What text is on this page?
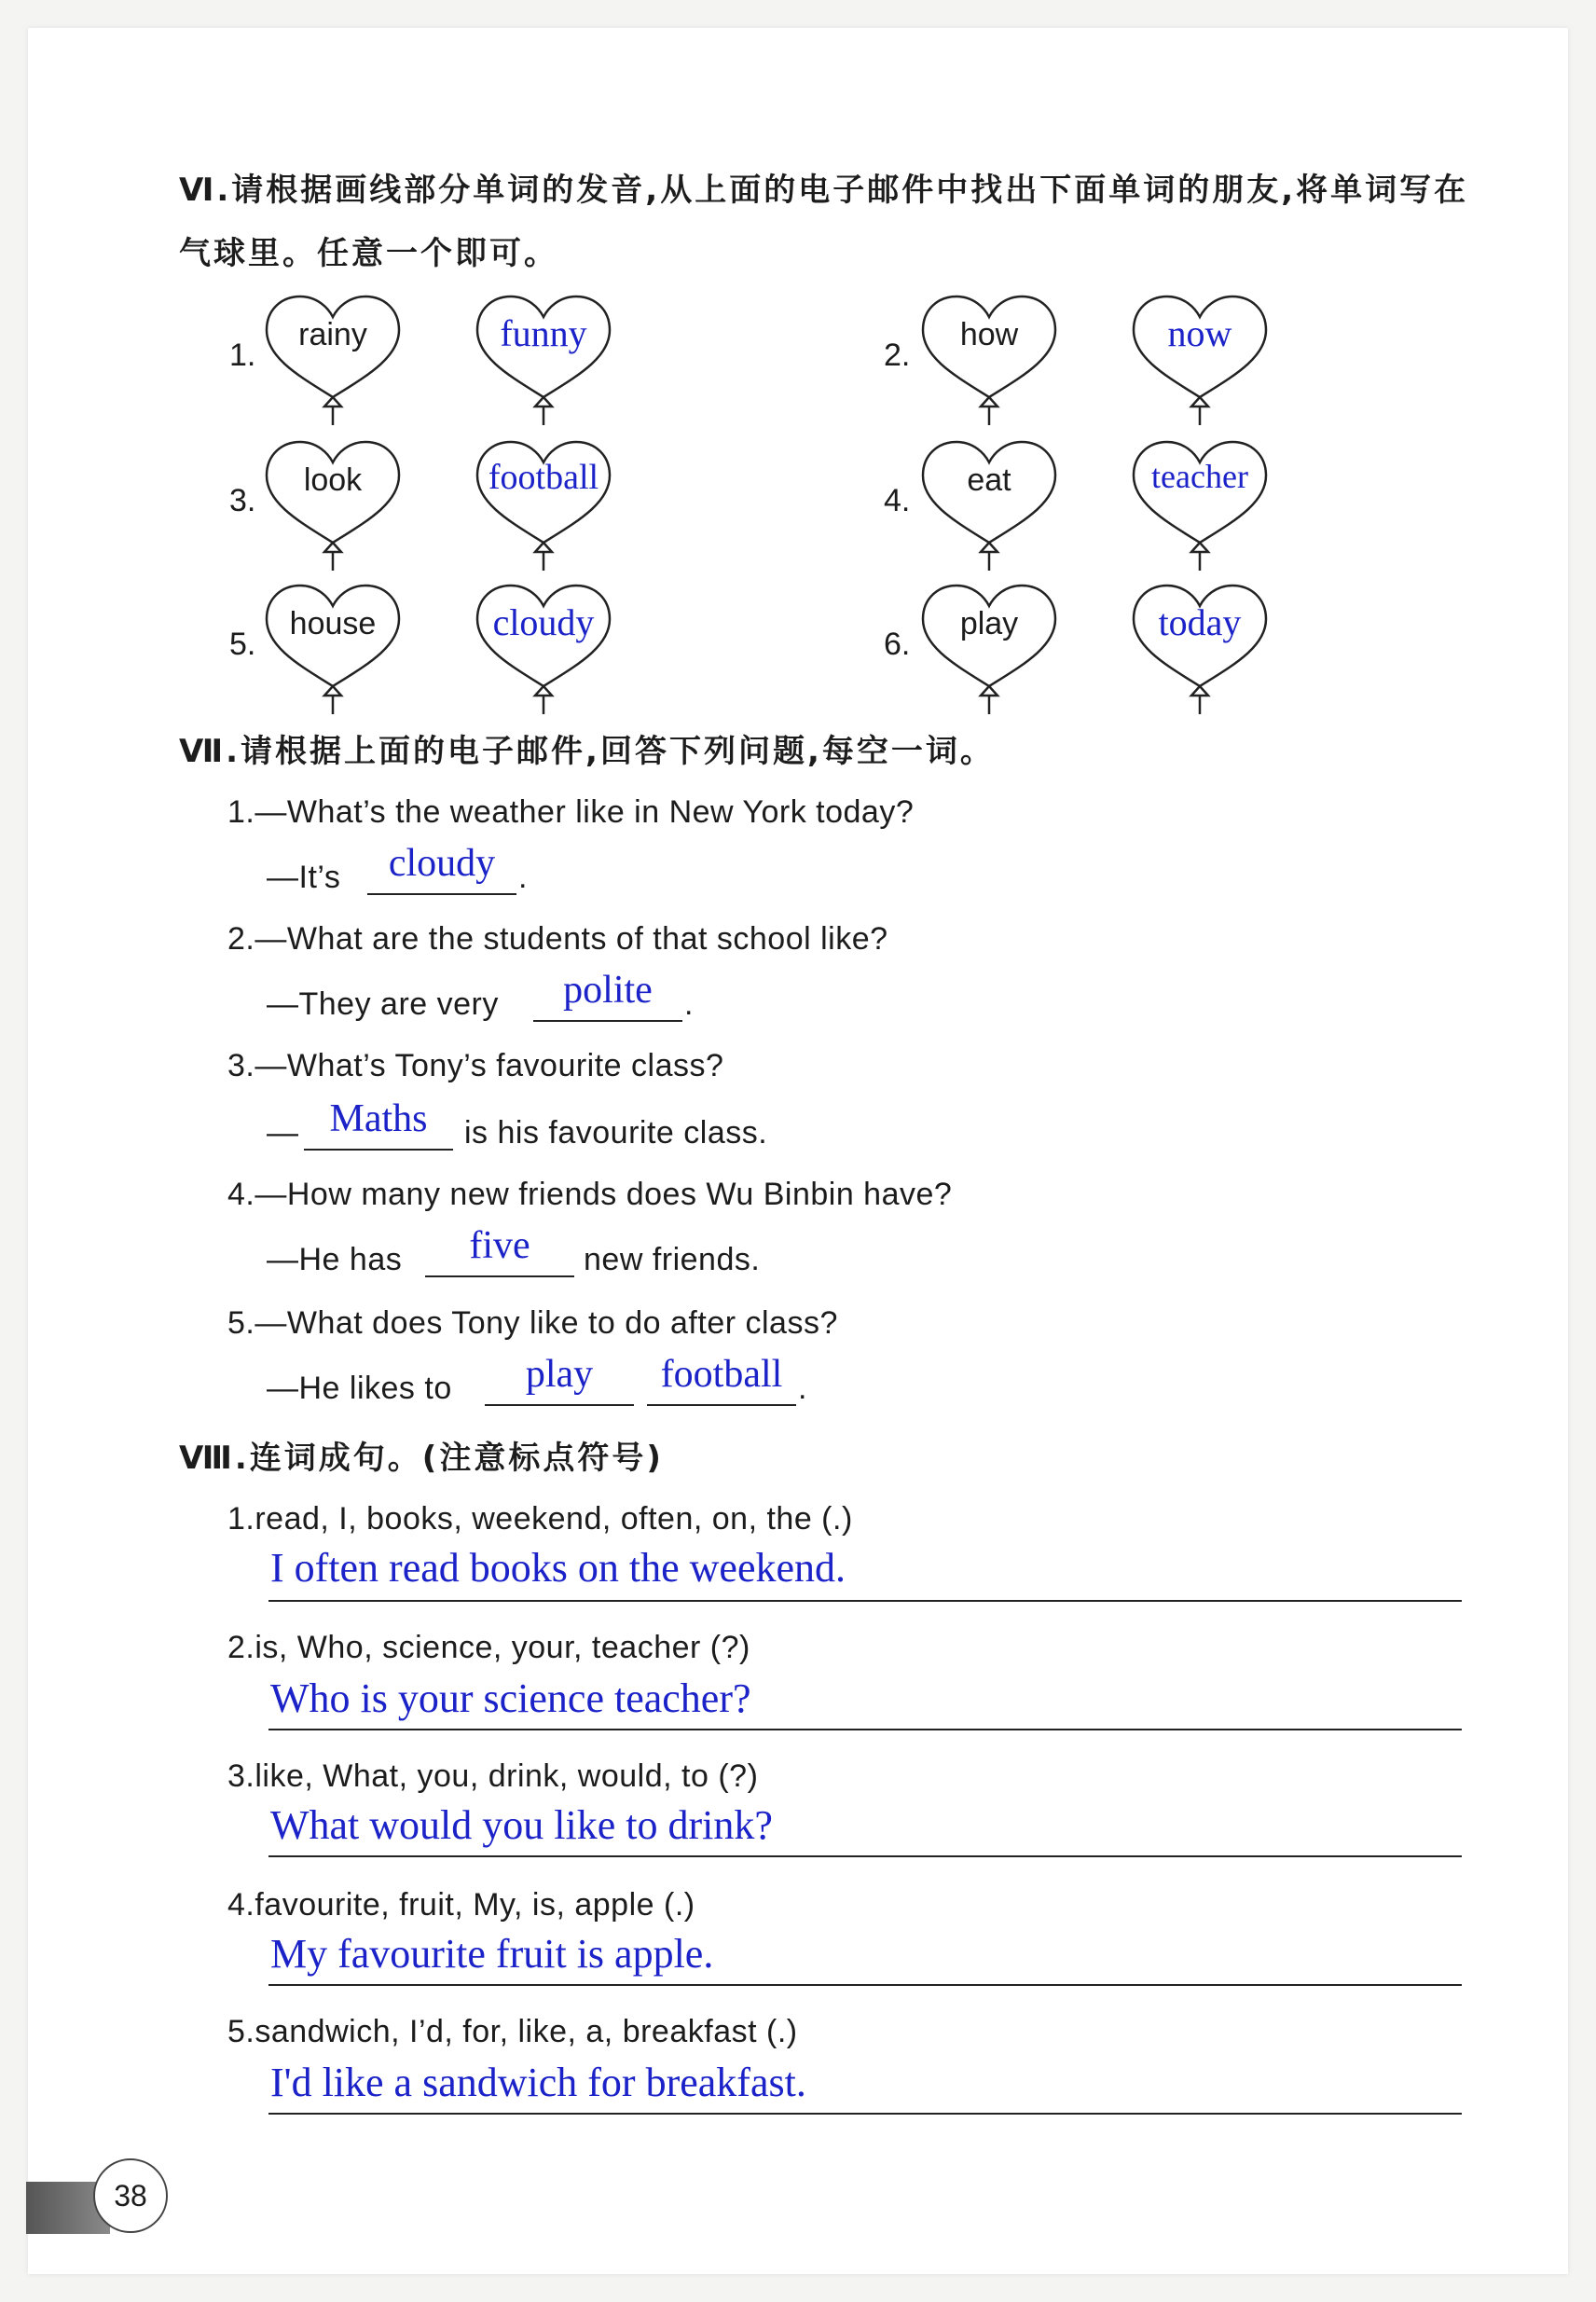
Ⅵ.请根据画线部分单词的发音,从上面的电子邮件中找出下面单词的朋友,将单词写在气球里。任意一个即可。
1.
rainy	funny
2.
how	now
3.
look	football
4.
eat	teacher
5.
house	cloudy
6.
play	today
Ⅶ.请根据上面的电子邮件,回答下列问题,每空一词。
1.—What’s the weather like in New York today?
—It’s	cloudy .
2.—What are the students of that school like?
—They are very	polite	.
3.—What’s Tony’s favourite class?
— Maths	is his favourite class.
4.—How many new friends does Wu Binbin have?
—He has	five	new friends.
5.—What does Tony like to do after class?
—He likes to	play	football .
Ⅷ.连词成句。(注意标点符号)
1.read, I, books, weekend, often, on, the (.)
I often read books on the weekend.
2.is, Who, science, your, teacher (?)
Who is your science teacher?
3.like, What, you, drink, would, to (?)
What would you like to drink?
4.favourite, fruit, My, is, apple (.)
My favourite fruit is apple.
5.sandwich, I’d, for, like, a, breakfast (.)
I'd like a sandwich for breakfast.
38
